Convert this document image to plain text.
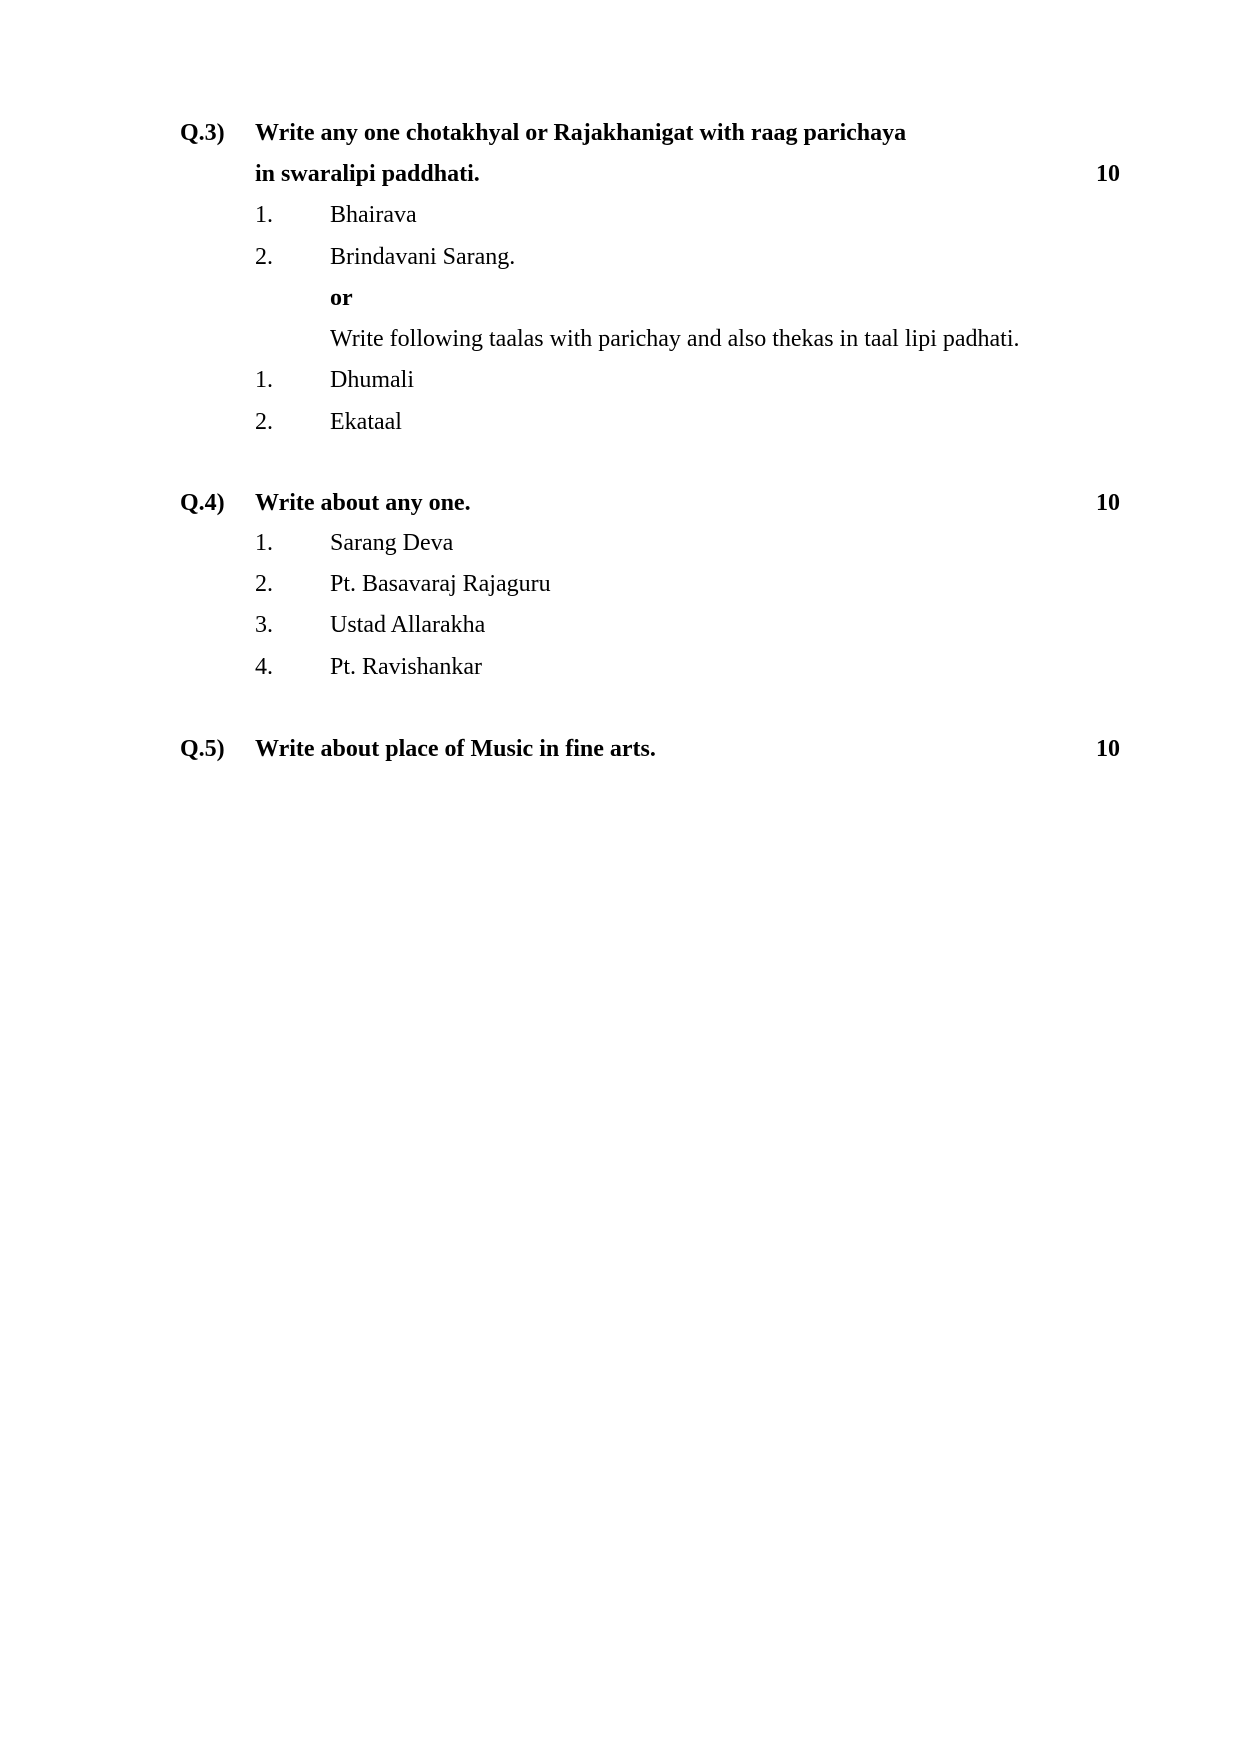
Q.3) Write any one chotakhyal or Rajakhanigat with raag parichaya
in swaralipi paddhati.	10
1. Bhairava
2. Brindavani Sarang.
or
Write following taalas with parichay and also thekas in taal lipi padhati.
1. Dhumali
2. Ekataal
Q.4) Write about any one.	10
1. Sarang Deva
2. Pt. Basavaraj Rajaguru
3. Ustad Allarakha
4. Pt. Ravishankar
Q.5) Write about place of Music in fine arts.	10
